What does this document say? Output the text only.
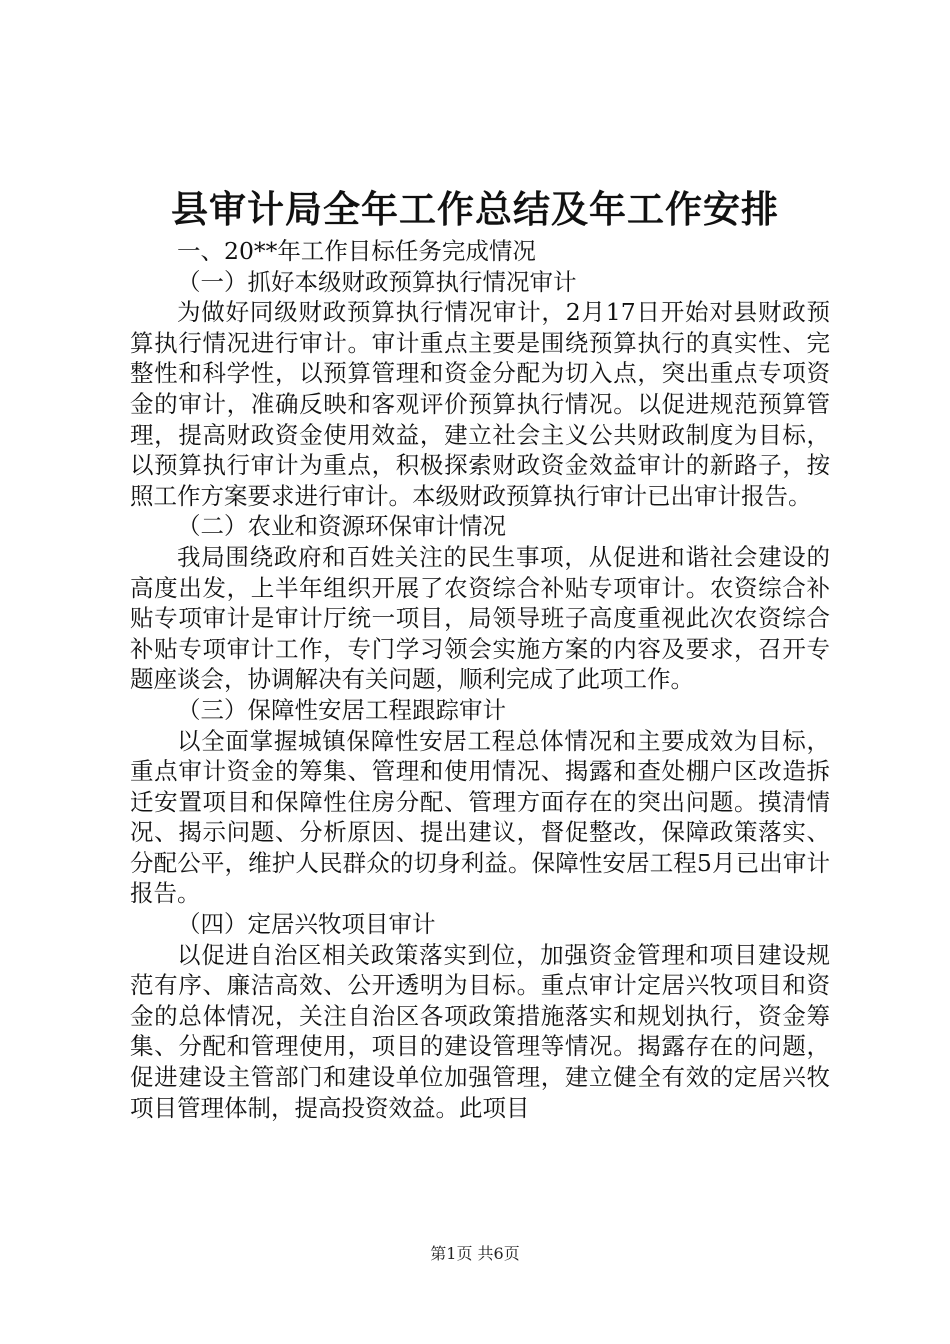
县审计局全年工作总结及年工作安排

一、20**年工作目标任务完成情况

（一）抓好本级财政预算执行情况审计

为做好同级财政预算执行情况审计，2月17日开始对县财政预算执行情况进行审计。审计重点主要是围绕预算执行的真实性、完整性和科学性，以预算管理和资金分配为切入点，突出重点专项资金的审计，准确反映和客观评价预算执行情况。以促进规范预算管理，提高财政资金使用效益，建立社会主义公共财政制度为目标，以预算执行审计为重点，积极探索财政资金效益审计的新路子，按照工作方案要求进行审计。本级财政预算执行审计已出审计报告。

（二）农业和资源环保审计情况

我局围绕政府和百姓关注的民生事项，从促进和谐社会建设的高度出发，上半年组织开展了农资综合补贴专项审计。农资综合补贴专项审计是审计厅统一项目，局领导班子高度重视此次农资综合补贴专项审计工作，专门学习领会实施方案的内容及要求，召开专题座谈会，协调解决有关问题，顺利完成了此项工作。

（三）保障性安居工程跟踪审计

以全面掌握城镇保障性安居工程总体情况和主要成效为目标，重点审计资金的筹集、管理和使用情况、揭露和查处棚户区改造拆迁安置项目和保障性住房分配、管理方面存在的突出问题。摸清情况、揭示问题、分析原因、提出建议，督促整改，保障政策落实、分配公平，维护人民群众的切身利益。保障性安居工程5月已出审计报告。

（四）定居兴牧项目审计

以促进自治区相关政策落实到位，加强资金管理和项目建设规范有序、廉洁高效、公开透明为目标。重点审计定居兴牧项目和资金的总体情况，关注自治区各项政策措施落实和规划执行，资金筹集、分配和管理使用，项目的建设管理等情况。揭露存在的问题，促进建设主管部门和建设单位加强管理，建立健全有效的定居兴牧项目管理体制，提高投资效益。此项目

第1页 共6页
